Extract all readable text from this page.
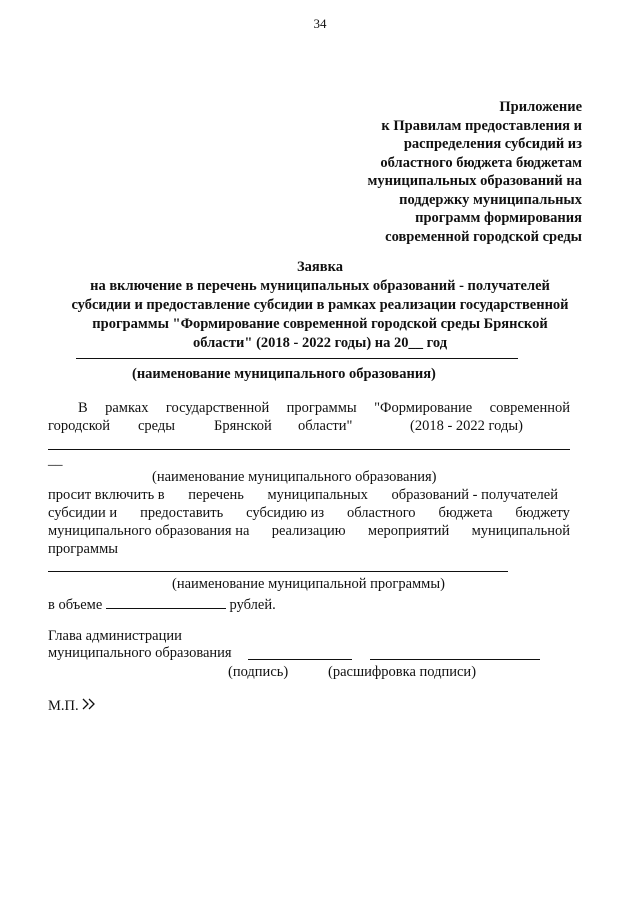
34
Приложение
к Правилам предоставления и
распределения субсидий из
областного бюджета бюджетам
муниципальных образований на
поддержку муниципальных
программ формирования
современной городской среды
Заявка
на включение в перечень муниципальных образований - получателей
субсидии и предоставление субсидии в рамках реализации государственной
программы "Формирование современной городской среды Брянской
области" (2018 - 2022 годы) на 20__ год
(наименование муниципального образования)
В рамках государственной программы "Формирование современной
городской среды	Брянской области"	(2018 - 2022 годы)
__
(наименование муниципального образования)
просит включить в перечень муниципальных образований - получателей
субсидии и предоставить субсидию из областного бюджета бюджету
муниципального образования на реализацию мероприятий муниципальной
программы
(наименование муниципальной программы)
в объеме	рублей.
Глава администрации
муниципального образования
(подпись)	(расшифровка подписи)
М.П.
